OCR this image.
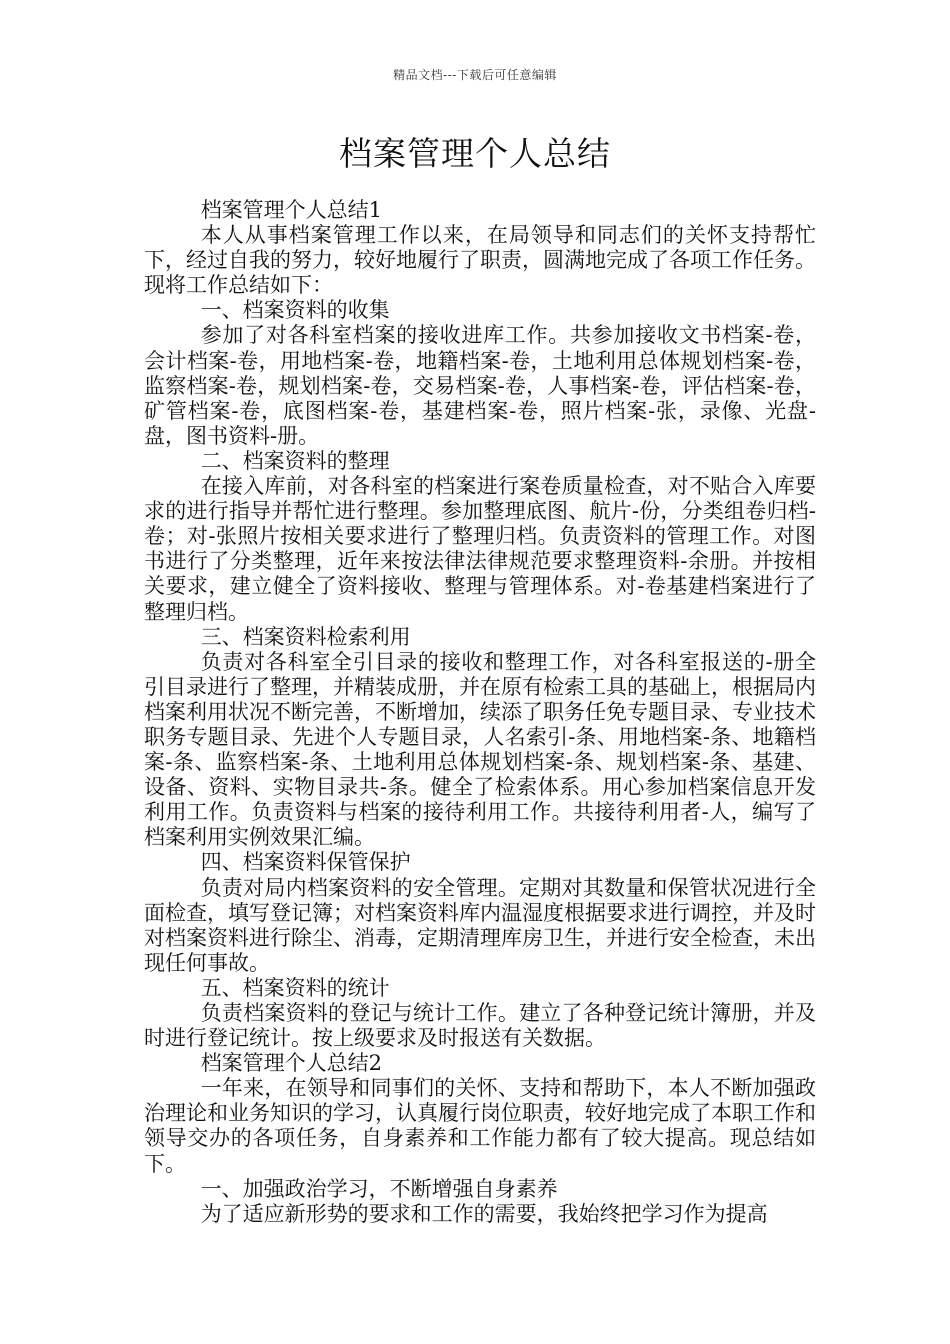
精品文档---下载后可任意编辑
档案管理个人总结

档案管理个人总结1

本人从事档案管理工作以来，在局领导和同志们的关怀支持帮忙下，经过自我的努力，较好地履行了职责，圆满地完成了各项工作任务。现将工作总结如下：

一、档案资料的收集

参加了对各科室档案的接收进库工作。共参加接收文书档案-卷，会计档案-卷，用地档案-卷，地籍档案-卷，土地利用总体规划档案-卷，监察档案-卷，规划档案-卷，交易档案-卷，人事档案-卷，评估档案-卷，矿管档案-卷，底图档案-卷，基建档案-卷，照片档案-张，录像、光盘-盘，图书资料-册。

二、档案资料的整理

在接入库前，对各科室的档案进行案卷质量检查，对不贴合入库要求的进行指导并帮忙进行整理。参加整理底图、航片-份，分类组卷归档-卷；对-张照片按相关要求进行了整理归档。负责资料的管理工作。对图书进行了分类整理，近年来按法律法律规范要求整理资料-余册。并按相关要求，建立健全了资料接收、整理与管理体系。对-卷基建档案进行了整理归档。

三、档案资料检索利用

负责对各科室全引目录的接收和整理工作，对各科室报送的-册全引目录进行了整理，并精装成册，并在原有检索工具的基础上，根据局内档案利用状况不断完善，不断增加，续添了职务任免专题目录、专业技术职务专题目录、先进个人专题目录，人名索引-条、用地档案-条、地籍档案-条、监察档案-条、土地利用总体规划档案-条、规划档案-条、基建、设备、资料、实物目录共-条。健全了检索体系。用心参加档案信息开发利用工作。负责资料与档案的接待利用工作。共接待利用者-人，编写了档案利用实例效果汇编。

四、档案资料保管保护

负责对局内档案资料的安全管理。定期对其数量和保管状况进行全面检查，填写登记簿；对档案资料库内温湿度根据要求进行调控，并及时对档案资料进行除尘、消毒，定期清理库房卫生，并进行安全检查，未出现任何事故。

五、档案资料的统计

负责档案资料的登记与统计工作。建立了各种登记统计簿册，并及时进行登记统计。按上级要求及时报送有关数据。

档案管理个人总结2

一年来，在领导和同事们的关怀、支持和帮助下，本人不断加强政治理论和业务知识的学习，认真履行岗位职责，较好地完成了本职工作和领导交办的各项任务，自身素养和工作能力都有了较大提高。现总结如下。

一、加强政治学习，不断增强自身素养

为了适应新形势的要求和工作的需要，我始终把学习作为提高
